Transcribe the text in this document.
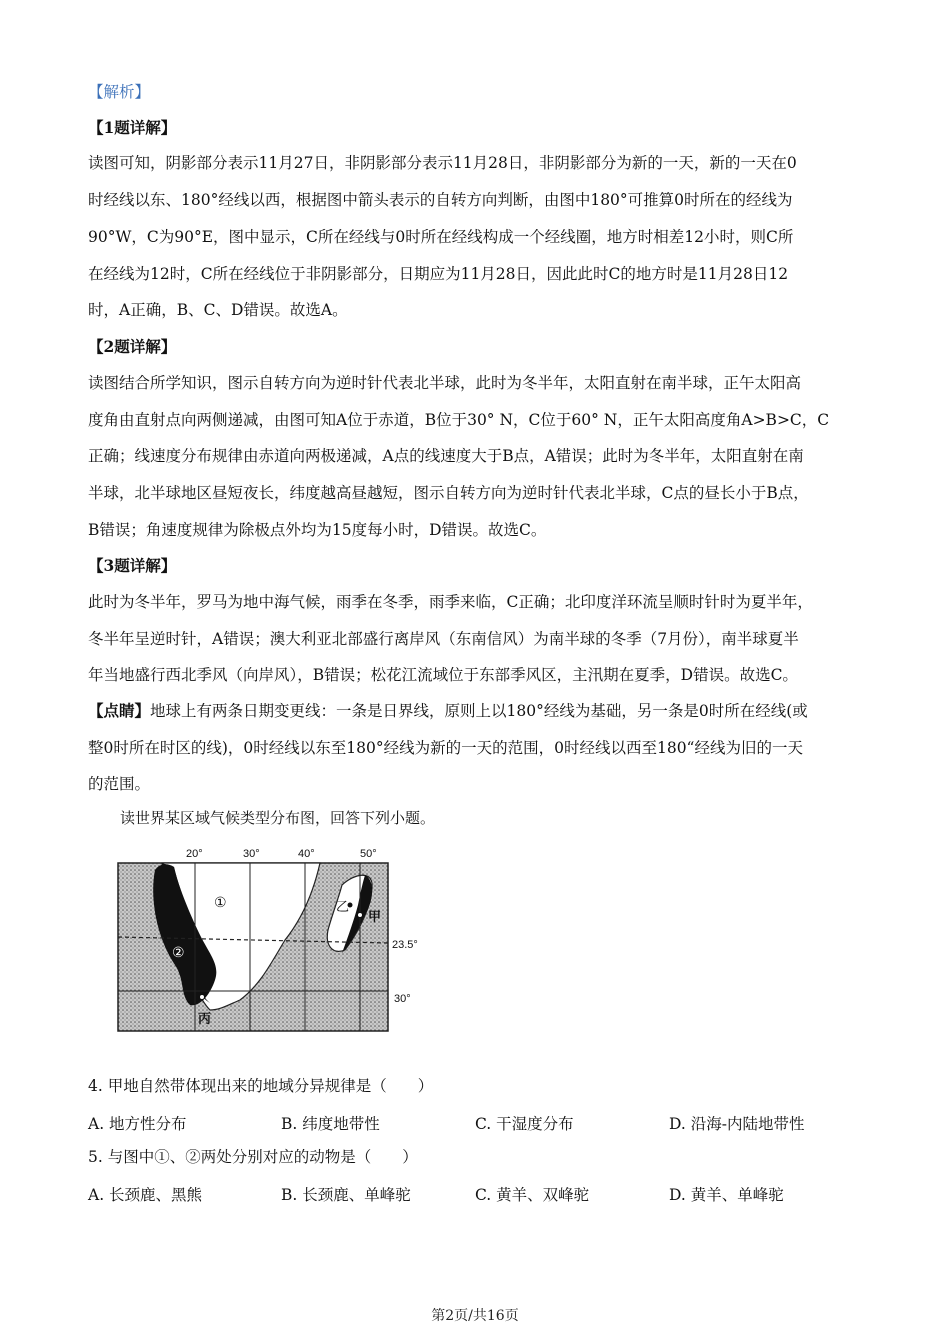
【解析】
【1题详解】
读图可知，阴影部分表示11月27日，非阴影部分表示11月28日，非阴影部分为新的一天，新的一天在0
时经线以东、180°经线以西，根据图中箭头表示的自转方向判断，由图中180°可推算0时所在的经线为
90°W，C为90°E，图中显示，C所在经线与0时所在经线构成一个经线圈，地方时相差12小时，则C所
在经线为12时，C所在经线位于非阴影部分，日期应为11月28日，因此此时C的地方时是11月28日12
时，A正确，B、C、D错误。故选A。
【2题详解】
读图结合所学知识，图示自转方向为逆时针代表北半球，此时为冬半年，太阳直射在南半球，正午太阳高
度角由直射点向两侧递减，由图可知A位于赤道，B位于30° N，C位于60° N，正午太阳高度角A>B>C，C
正确；线速度分布规律由赤道向两极递减，A点的线速度大于B点，A错误；此时为冬半年，太阳直射在南
半球，北半球地区昼短夜长，纬度越高昼越短，图示自转方向为逆时针代表北半球，C点的昼长小于B点，
B错误；角速度规律为除极点外均为15度每小时，D错误。故选C。
【3题详解】
此时为冬半年，罗马为地中海气候，雨季在冬季，雨季来临，C正确；北印度洋环流呈顺时针时为夏半年，
冬半年呈逆时针，A错误；澳大利亚北部盛行离岸风（东南信风）为南半球的冬季（7月份），南半球夏半
年当地盛行西北季风（向岸风），B错误；松花江流域位于东部季风区，主汛期在夏季，D错误。故选C。
【点睛】地球上有两条日期变更线：一条是日界线，原则上以180°经线为基础，另一条是0时所在经线(或
整0时所在时区的线)，0时经线以东至180°经线为新的一天的范围，0时经线以西至180“经线为旧的一天
的范围。
读世界某区域气候类型分布图，回答下列小题。
20°	30°	40°	50°
23.5°
30°
①
②
乙
甲
丙
4. 甲地自然带体现出来的地域分异规律是（　　）
A. 地方性分布	B. 纬度地带性	C. 干湿度分布	D. 沿海-内陆地带性
5. 与图中①、②两处分别对应的动物是（　　）
A. 长颈鹿、黑熊	B. 长颈鹿、单峰驼	C. 黄羊、双峰驼	D. 黄羊、单峰驼
第2页/共16页
